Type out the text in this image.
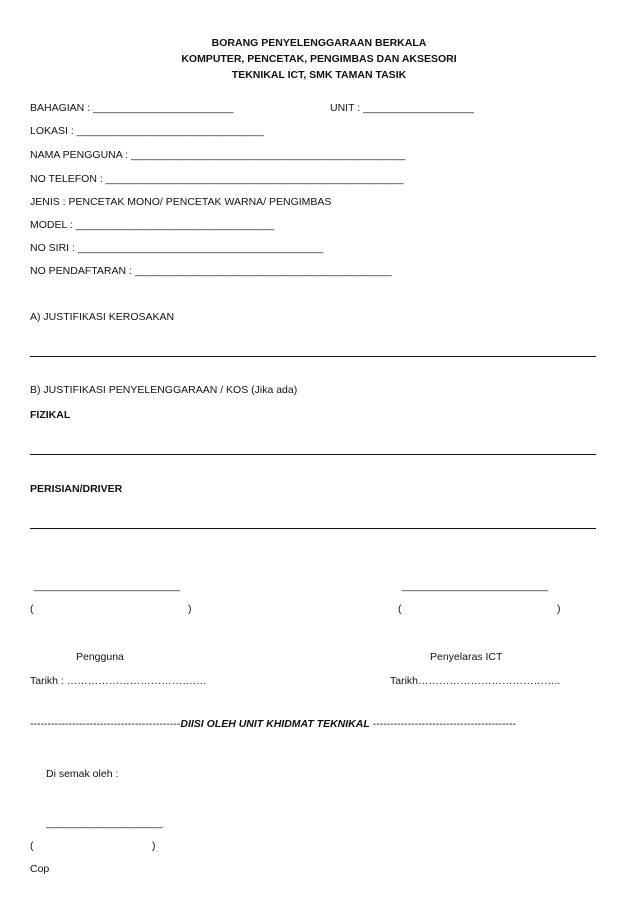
BORANG PENYELENGGARAAN BERKALA
KOMPUTER, PENCETAK, PENGIMBAS DAN AKSESORI
TEKNIKAL ICT, SMK TAMAN TASIK
BAHAGIAN : ________________________	UNIT : ___________________
LOKASI : ________________________________
NAMA PENGGUNA : _______________________________________________
NO TELEFON : ___________________________________________________
JENIS : PENCETAK MONO/ PENCETAK WARNA/ PENGIMBAS
MODEL : __________________________________
NO SIRI : __________________________________________
NO PENDAFTARAN : ____________________________________________
A) JUSTIFIKASI KEROSAKAN
B) JUSTIFIKASI PENYELENGGARAAN / KOS (Jika ada)
FIZIKAL
PERISIAN/DRIVER
_________________________	_________________________
(	)	(	)
Pengguna	Penyelaras ICT
Tarikh : ………………………………….	Tarikh…………………………………..
-------------------------------------------DIISI OLEH UNIT KHIDMAT TEKNIKAL -----------------------------------------
Di semak oleh :
____________________
(	)
Cop
